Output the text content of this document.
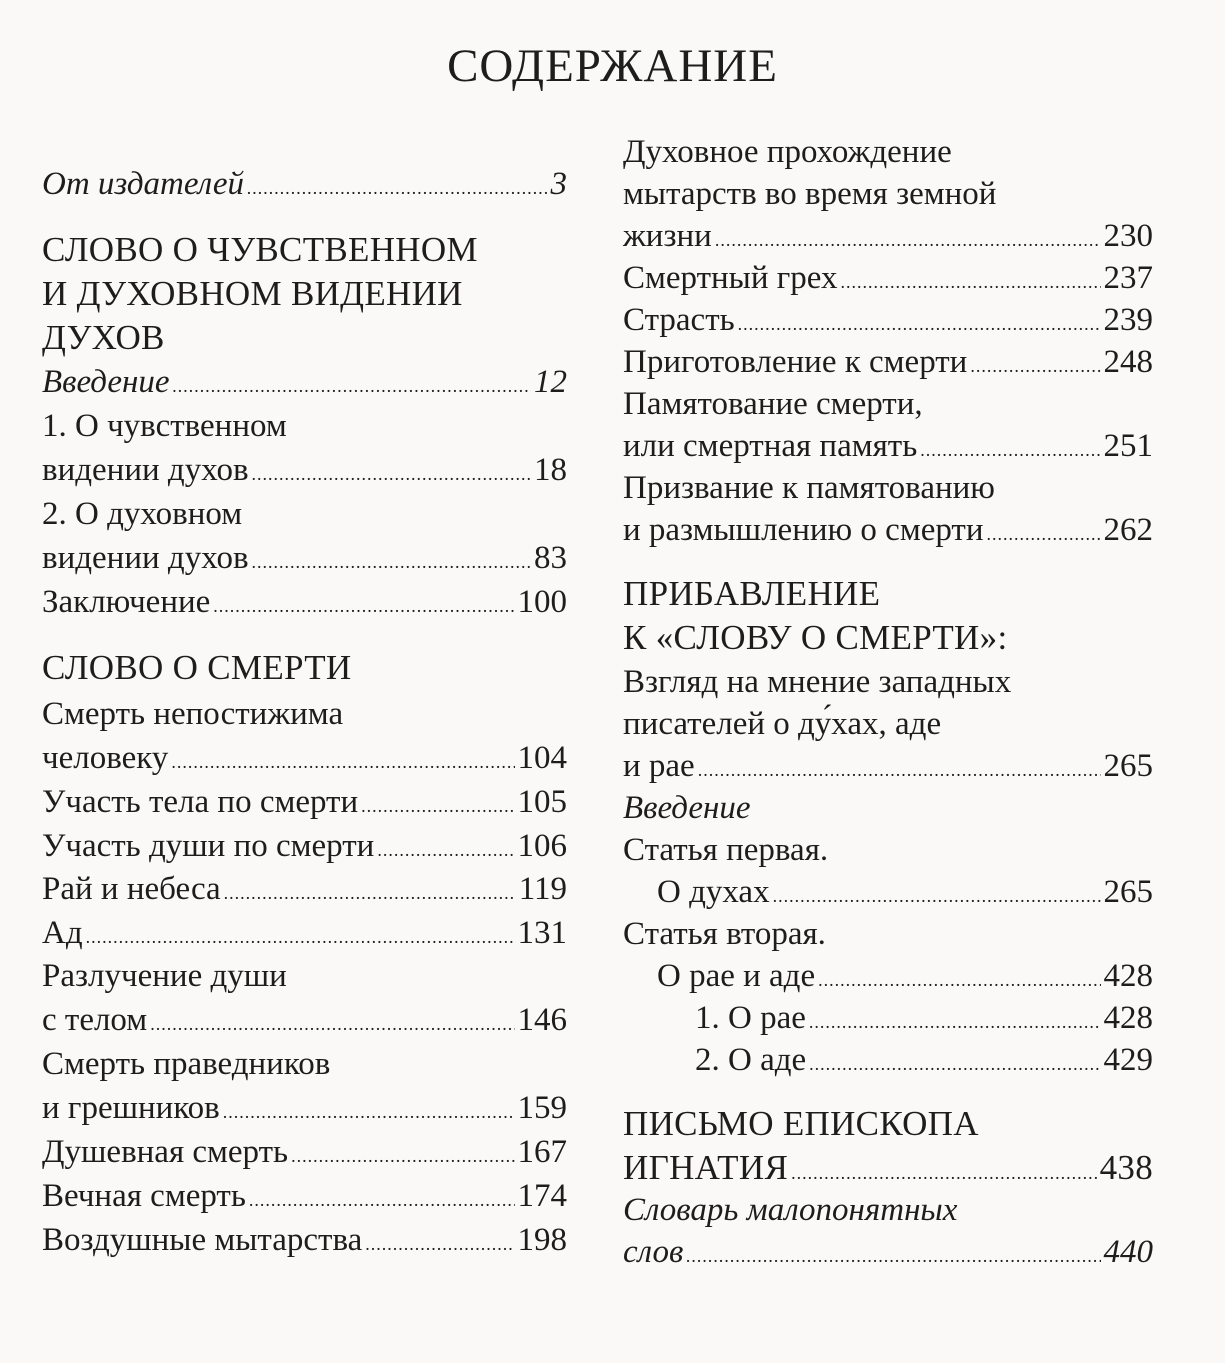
СОДЕРЖАНИЕ
От издателей .....	3
СЛОВО О ЧУВСТВЕННОМ
И ДУХОВНОМ ВИДЕНИИ
ДУХОВ
Введение .....	12
1. О чувственном
видении духов .....	18
2. О духовном
видении духов .....	83
Заключение .....	100
СЛОВО О СМЕРТИ
Смерть непостижима
человеку .....	104
Участь тела по смерти .....	105
Участь души по смерти .....	106
Рай и небеса .....	119
Ад .....	131
Разлучение души
с телом .....	146
Смерть праведников
и грешников .....	159
Душевная смерть .....	167
Вечная смерть .....	174
Воздушные мытарства .....	198
Духовное прохождение
мытарств во время земной
жизни .....	230
Смертный грех .....	237
Страсть .....	239
Приготовление к смерти .....	248
Памятование смерти,
или смертная память .....	251
Призвание к памятованию
и размышлению о смерти .....	262
ПРИБАВЛЕНИЕ
К «СЛОВУ О СМЕРТИ»:
Взгляд на мнение западных
писателей о ду́хах, аде
и рае .....	265
Введение
Статья первая.
О духах .....	265
Статья вторая.
О рае и аде .....	428
1. О рае .....	428
2. О аде .....	429
ПИСЬМО ЕПИСКОПА
ИГНАТИЯ .....	438
Словарь малопонятных
слов .....	440
